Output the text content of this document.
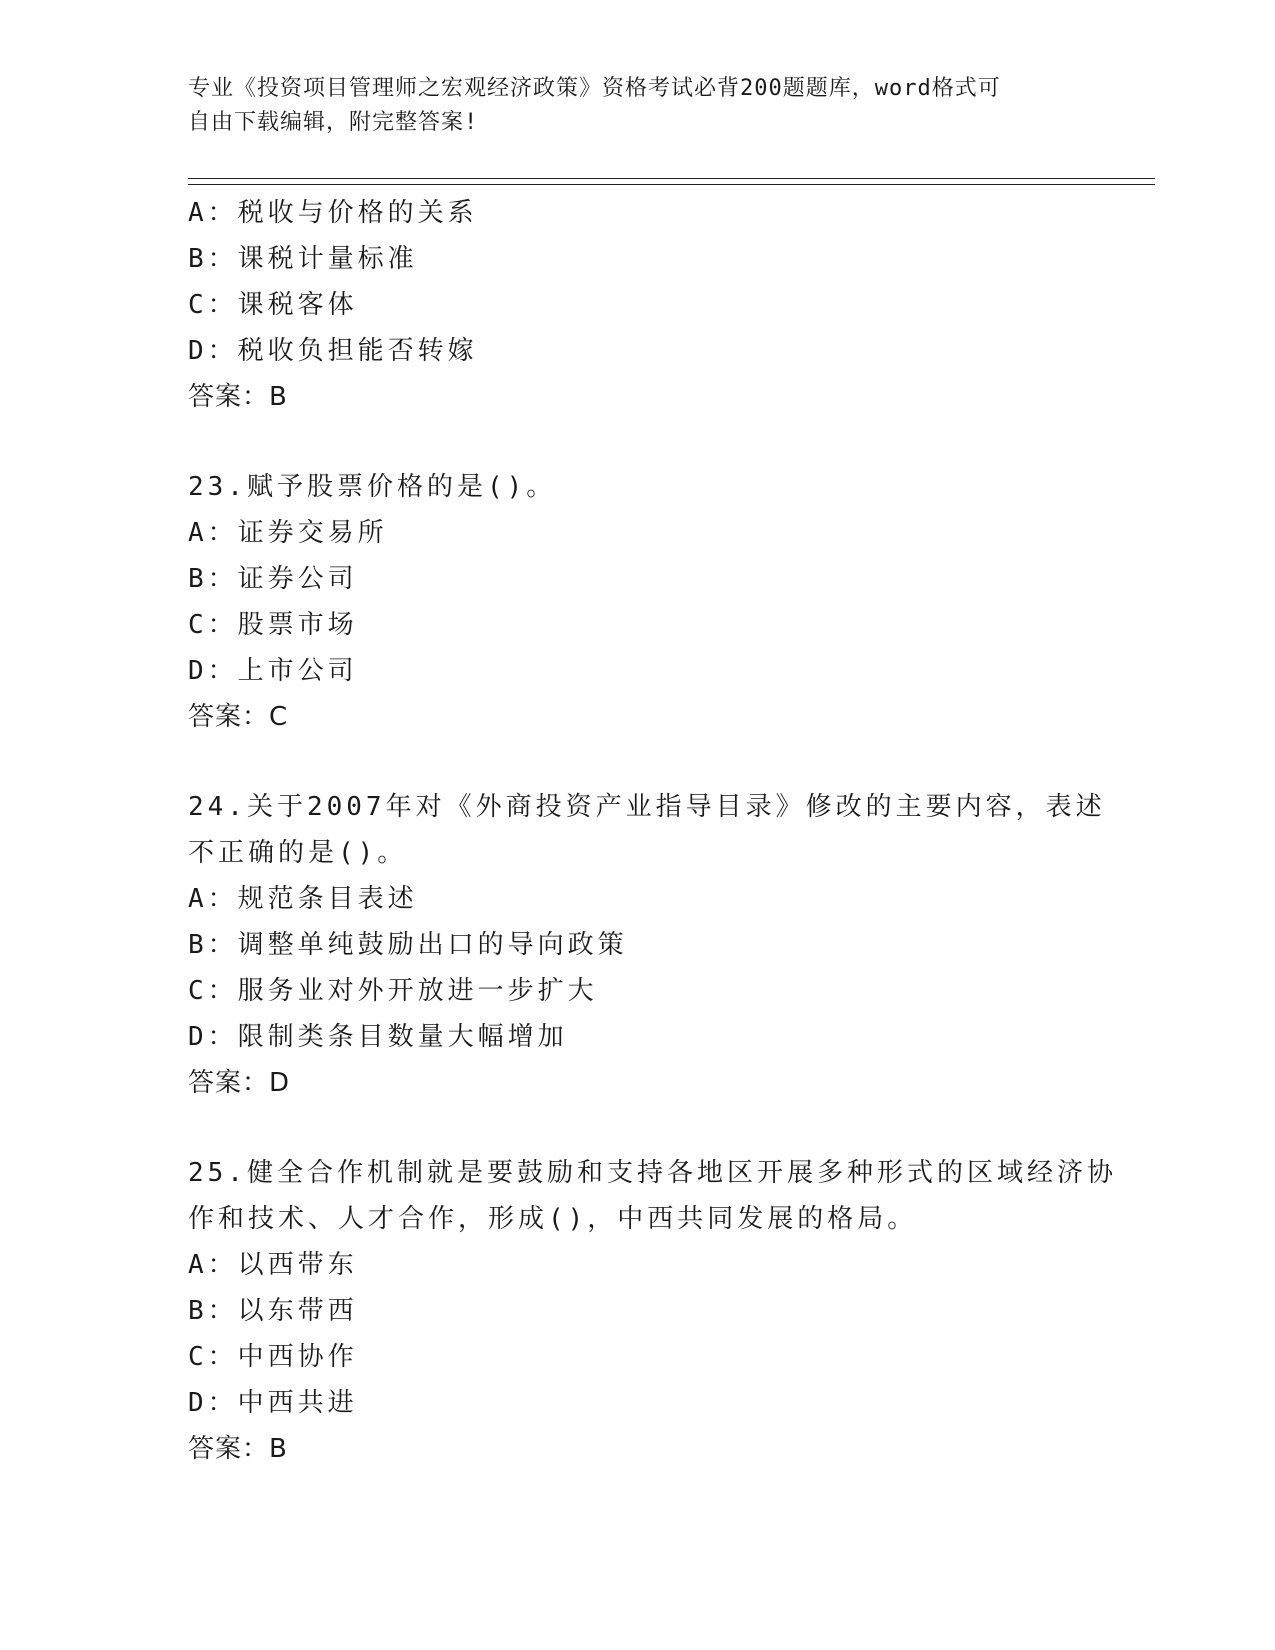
专业《投资项目管理师之宏观经济政策》资格考试必背200题题库，word格式可
自由下载编辑，附完整答案!
A：税收与价格的关系
B：课税计量标准
C：课税客体
D：税收负担能否转嫁
答案：B
23.赋予股票价格的是()。
A：证券交易所
B：证券公司
C：股票市场
D：上市公司
答案：C
24.关于2007年对《外商投资产业指导目录》修改的主要内容，表述
不正确的是()。
A：规范条目表述
B：调整单纯鼓励出口的导向政策
C：服务业对外开放进一步扩大
D：限制类条目数量大幅增加
答案：D
25.健全合作机制就是要鼓励和支持各地区开展多种形式的区域经济协
作和技术、人才合作，形成()，中西共同发展的格局。
A：以西带东
B：以东带西
C：中西协作
D：中西共进
答案：B
